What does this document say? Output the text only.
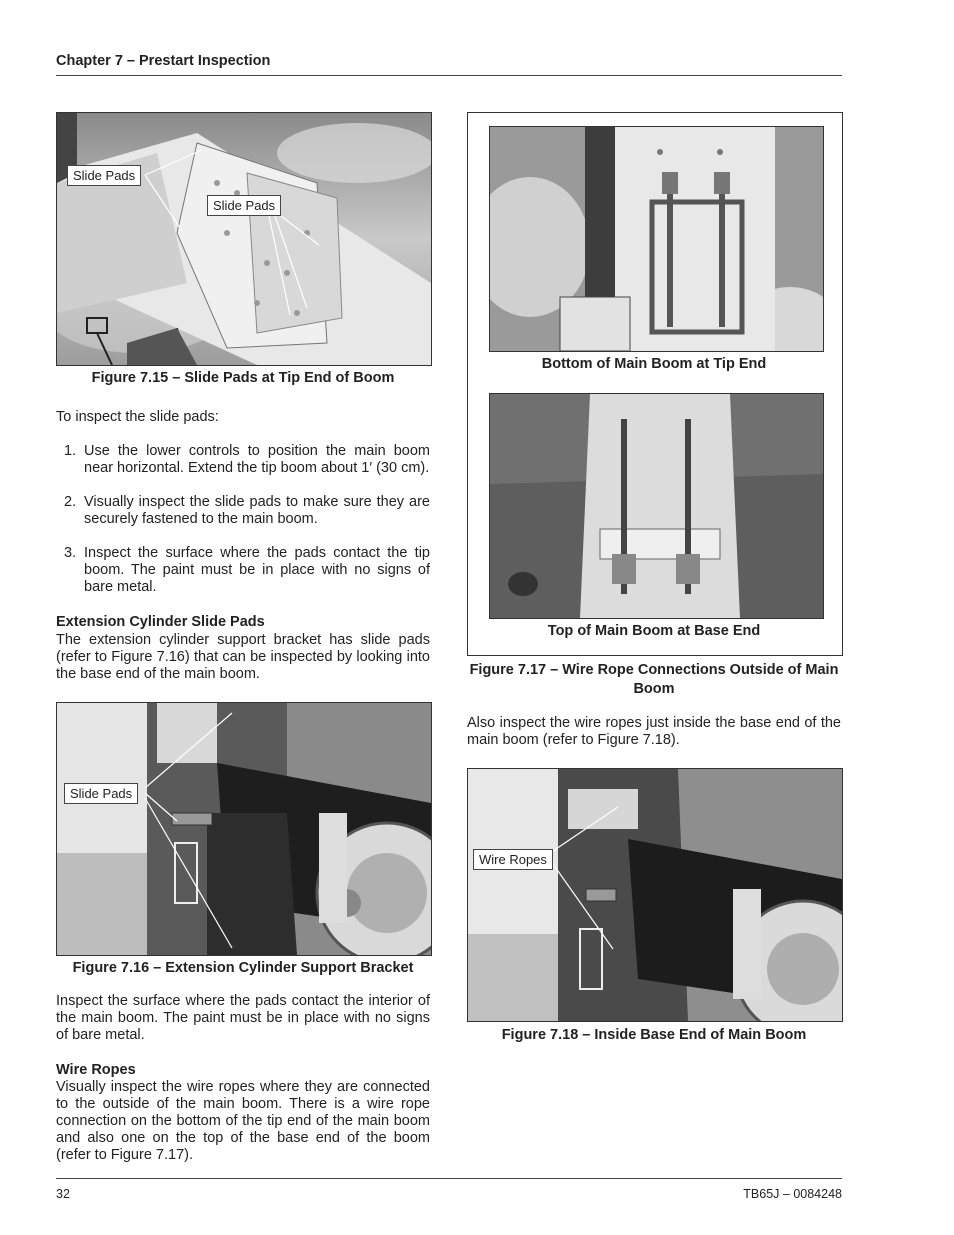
Chapter 7 – Prestart Inspection
Slide Pads
Slide Pads
Figure 7.15 – Slide Pads at Tip End of Boom
To inspect the slide pads:
1. Use the lower controls to position the main boom near horizontal. Extend the tip boom about 1′ (30 cm).
2. Visually inspect the slide pads to make sure they are securely fastened to the main boom.
3. Inspect the surface where the pads contact the tip boom. The paint must be in place with no signs of bare metal.
Extension Cylinder Slide Pads
The extension cylinder support bracket has slide pads (refer to Figure 7.16) that can be inspected by looking into the base end of the main boom.
Slide Pads
Figure 7.16 – Extension Cylinder Support Bracket
Inspect the surface where the pads contact the interior of the main boom. The paint must be in place with no signs of bare metal.
Wire Ropes
Visually inspect the wire ropes where they are connected to the outside of the main boom. There is a wire rope connection on the bottom of the tip end of the main boom and also one on the top of the base end of the boom (refer to Figure 7.17).
Bottom of Main Boom at Tip End
Top of Main Boom at Base End
Figure 7.17 – Wire Rope Connections Outside of Main Boom
Also inspect the wire ropes just inside the base end of the main boom (refer to Figure 7.18).
Wire Ropes
Figure 7.18 – Inside Base End of Main Boom
32	TB65J – 0084248
